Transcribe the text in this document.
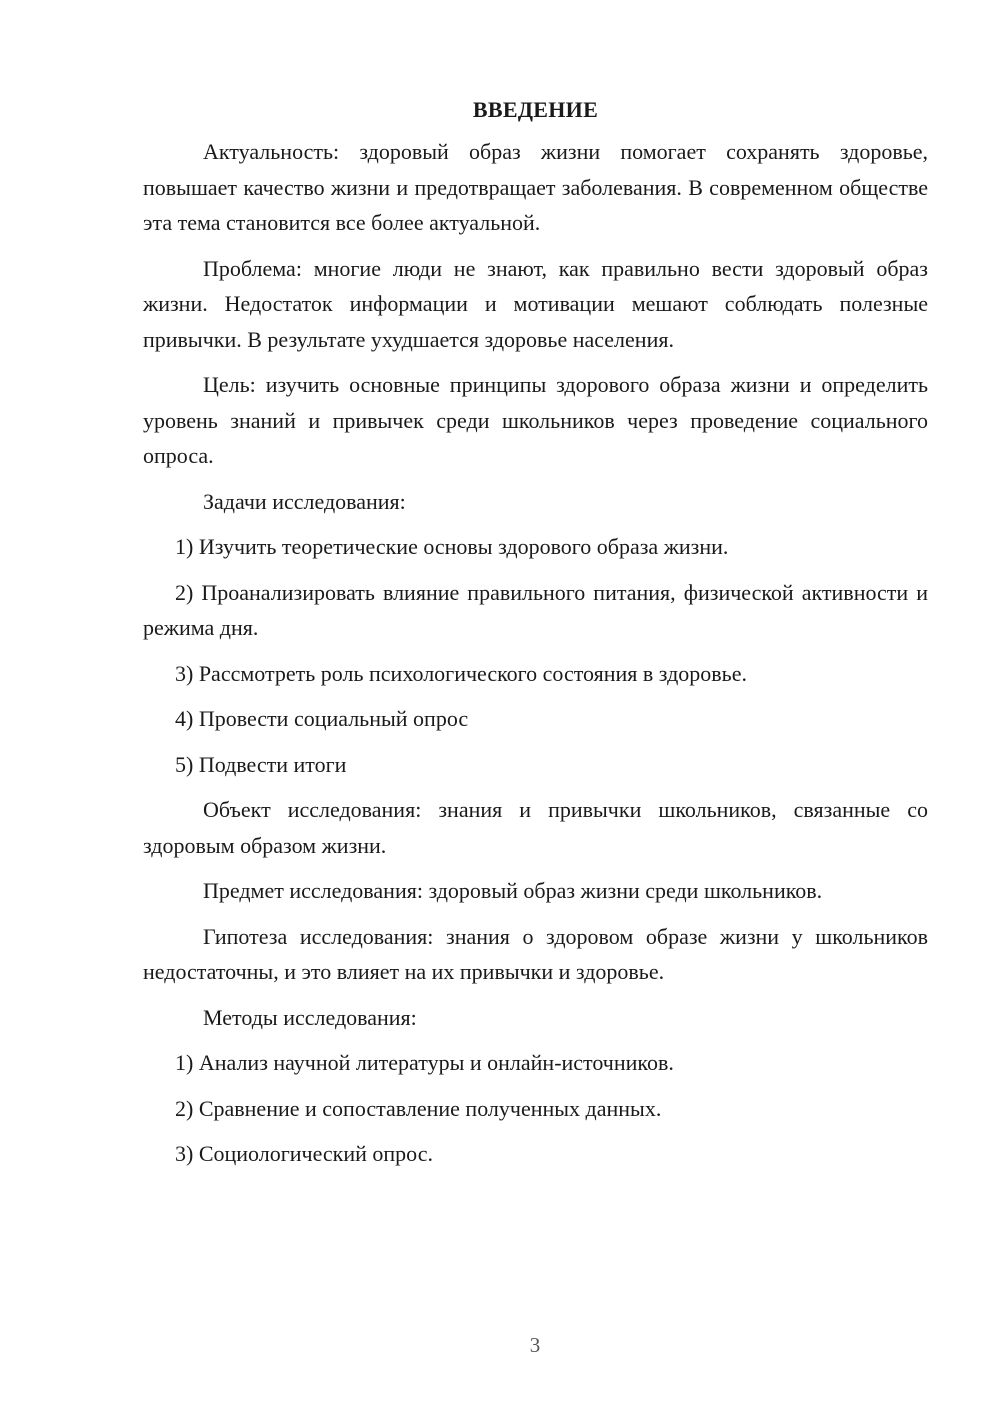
ВВЕДЕНИЕ

Актуальность: здоровый образ жизни помогает сохранять здоровье, повышает качество жизни и предотвращает заболевания. В современном обществе эта тема становится все более актуальной.

Проблема: многие люди не знают, как правильно вести здоровый образ жизни. Недостаток информации и мотивации мешают соблюдать полезные привычки. В результате ухудшается здоровье населения.

Цель: изучить основные принципы здорового образа жизни и определить уровень знаний и привычек среди школьников через проведение социального опроса.

Задачи исследования:

1) Изучить теоретические основы здорового образа жизни.

2) Проанализировать влияние правильного питания, физической активности и режима дня.

3) Рассмотреть роль психологического состояния в здоровье.

4) Провести социальный опрос

5) Подвести итоги

Объект исследования: знания и привычки школьников, связанные со здоровым образом жизни.

Предмет исследования: здоровый образ жизни среди школьников.

Гипотеза исследования: знания о здоровом образе жизни у школьников недостаточны, и это влияет на их привычки и здоровье.

Методы исследования:

1) Анализ научной литературы и онлайн-источников.

2) Сравнение и сопоставление полученных данных.

3) Социологический опрос.

3
